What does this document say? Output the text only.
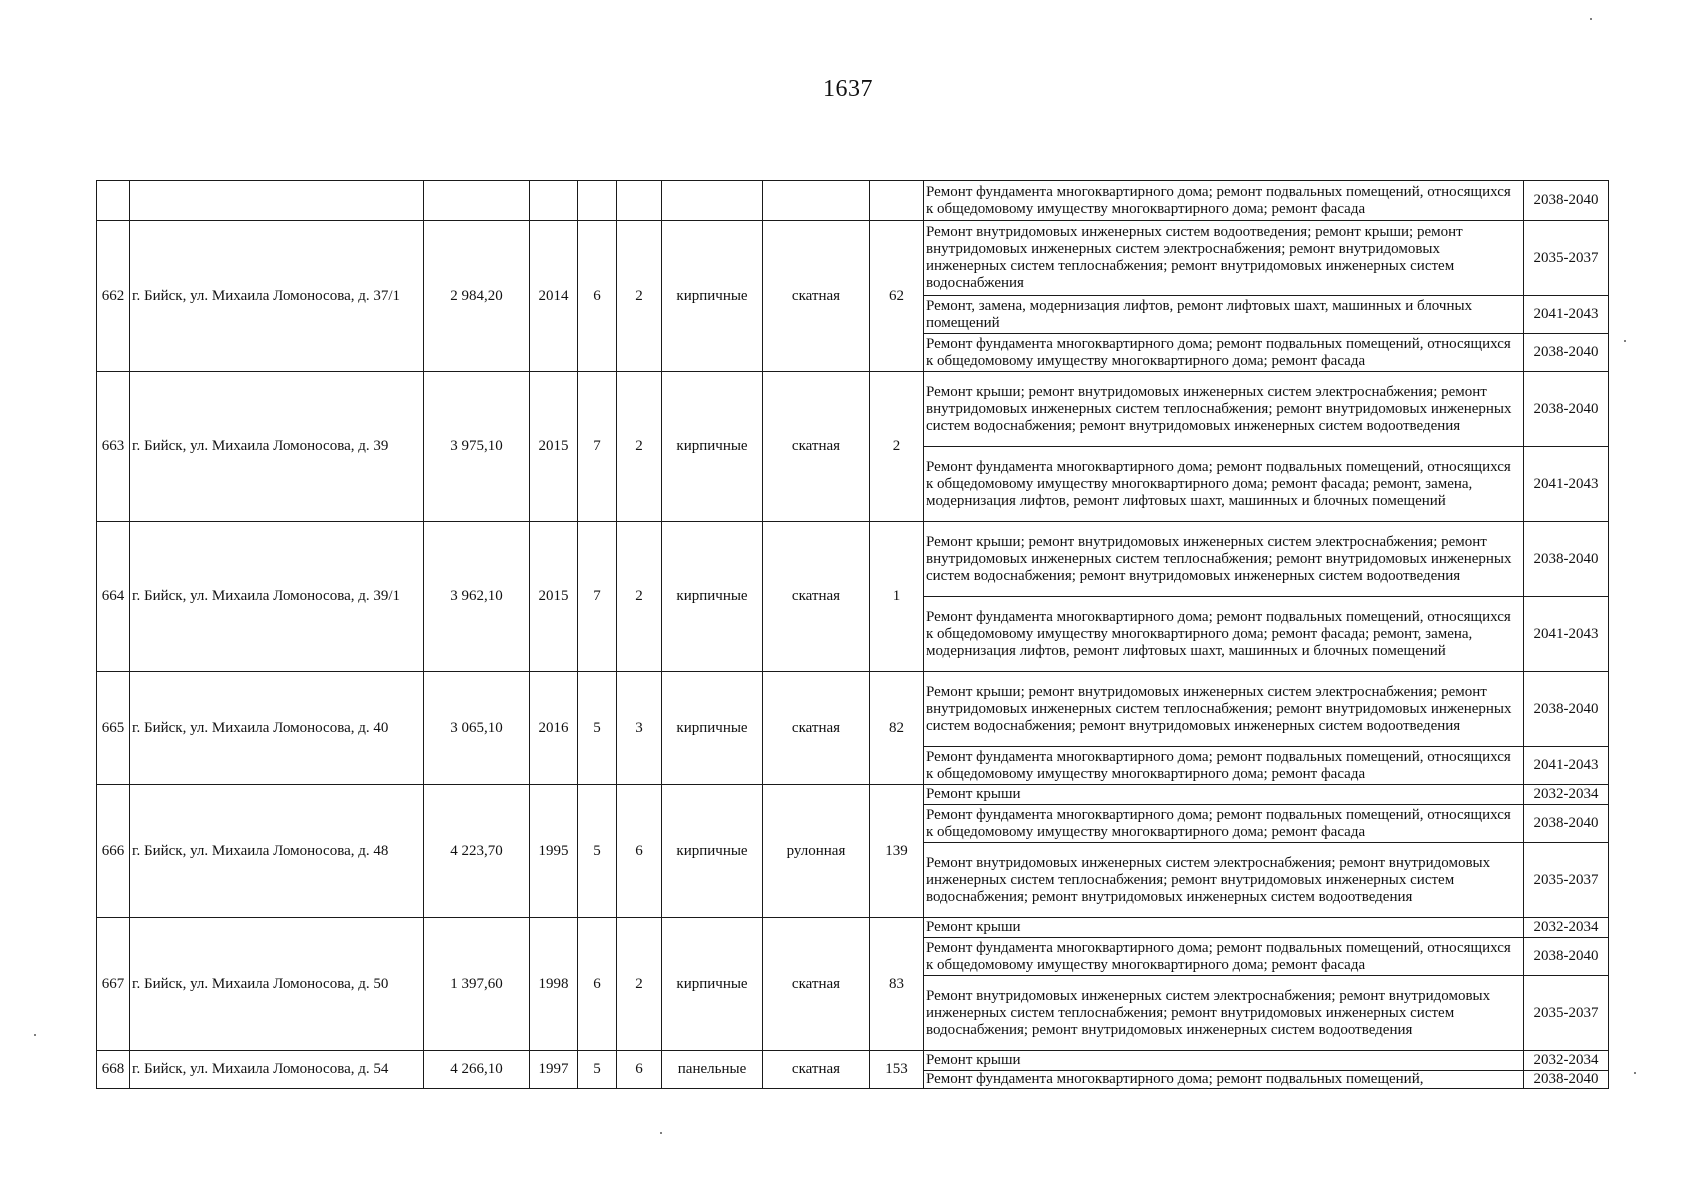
1637
									Ремонт фундамента многоквартирного дома; ремонт подвальных помещений, относящихся к общедомовому имуществу многоквартирного дома; ремонт фасада	2038-2040
662	г. Бийск, ул. Михаила Ломоносова, д. 37/1	2 984,20	2014	6	2	кирпичные	скатная	62	Ремонт внутридомовых инженерных систем водоотведения; ремонт крыши; ремонт внутридомовых инженерных систем электроснабжения; ремонт внутридомовых инженерных систем теплоснабжения; ремонт внутридомовых инженерных систем водоснабжения	2035-2037
									Ремонт, замена, модернизация лифтов, ремонт лифтовых шахт, машинных и блочных помещений	2041-2043
									Ремонт фундамента многоквартирного дома; ремонт подвальных помещений, относящихся к общедомовому имуществу многоквартирного дома; ремонт фасада	2038-2040
663	г. Бийск, ул. Михаила Ломоносова, д. 39	3 975,10	2015	7	2	кирпичные	скатная	2	Ремонт крыши; ремонт внутридомовых инженерных систем электроснабжения; ремонт внутридомовых инженерных систем теплоснабжения; ремонт внутридомовых инженерных систем водоснабжения; ремонт внутридомовых инженерных систем водоотведения	2038-2040
									Ремонт фундамента многоквартирного дома; ремонт подвальных помещений, относящихся к общедомовому имуществу многоквартирного дома; ремонт фасада; ремонт, замена, модернизация лифтов, ремонт лифтовых шахт, машинных и блочных помещений	2041-2043
664	г. Бийск, ул. Михаила Ломоносова, д. 39/1	3 962,10	2015	7	2	кирпичные	скатная	1	Ремонт крыши; ремонт внутридомовых инженерных систем электроснабжения; ремонт внутридомовых инженерных систем теплоснабжения; ремонт внутридомовых инженерных систем водоснабжения; ремонт внутридомовых инженерных систем водоотведения	2038-2040
									Ремонт фундамента многоквартирного дома; ремонт подвальных помещений, относящихся к общедомовому имуществу многоквартирного дома; ремонт фасада; ремонт, замена, модернизация лифтов, ремонт лифтовых шахт, машинных и блочных помещений	2041-2043
665	г. Бийск, ул. Михаила Ломоносова, д. 40	3 065,10	2016	5	3	кирпичные	скатная	82	Ремонт крыши; ремонт внутридомовых инженерных систем электроснабжения; ремонт внутридомовых инженерных систем теплоснабжения; ремонт внутридомовых инженерных систем водоснабжения; ремонт внутридомовых инженерных систем водоотведения	2038-2040
									Ремонт фундамента многоквартирного дома; ремонт подвальных помещений, относящихся к общедомовому имуществу многоквартирного дома; ремонт фасада	2041-2043
666	г. Бийск, ул. Михаила Ломоносова, д. 48	4 223,70	1995	5	6	кирпичные	рулонная	139	Ремонт крыши	2032-2034
									Ремонт фундамента многоквартирного дома; ремонт подвальных помещений, относящихся к общедомовому имуществу многоквартирного дома; ремонт фасада	2038-2040
									Ремонт внутридомовых инженерных систем электроснабжения; ремонт внутридомовых инженерных систем теплоснабжения; ремонт внутридомовых инженерных систем водоснабжения; ремонт внутридомовых инженерных систем водоотведения	2035-2037
667	г. Бийск, ул. Михаила Ломоносова, д. 50	1 397,60	1998	6	2	кирпичные	скатная	83	Ремонт крыши	2032-2034
									Ремонт фундамента многоквартирного дома; ремонт подвальных помещений, относящихся к общедомовому имуществу многоквартирного дома; ремонт фасада	2038-2040
									Ремонт внутридомовых инженерных систем электроснабжения; ремонт внутридомовых инженерных систем теплоснабжения; ремонт внутридомовых инженерных систем водоснабжения; ремонт внутридомовых инженерных систем водоотведения	2035-2037
668	г. Бийск, ул. Михаила Ломоносова, д. 54	4 266,10	1997	5	6	панельные	скатная	153	Ремонт крыши	2032-2034
									Ремонт фундамента многоквартирного дома; ремонт подвальных помещений,	2038-2040
